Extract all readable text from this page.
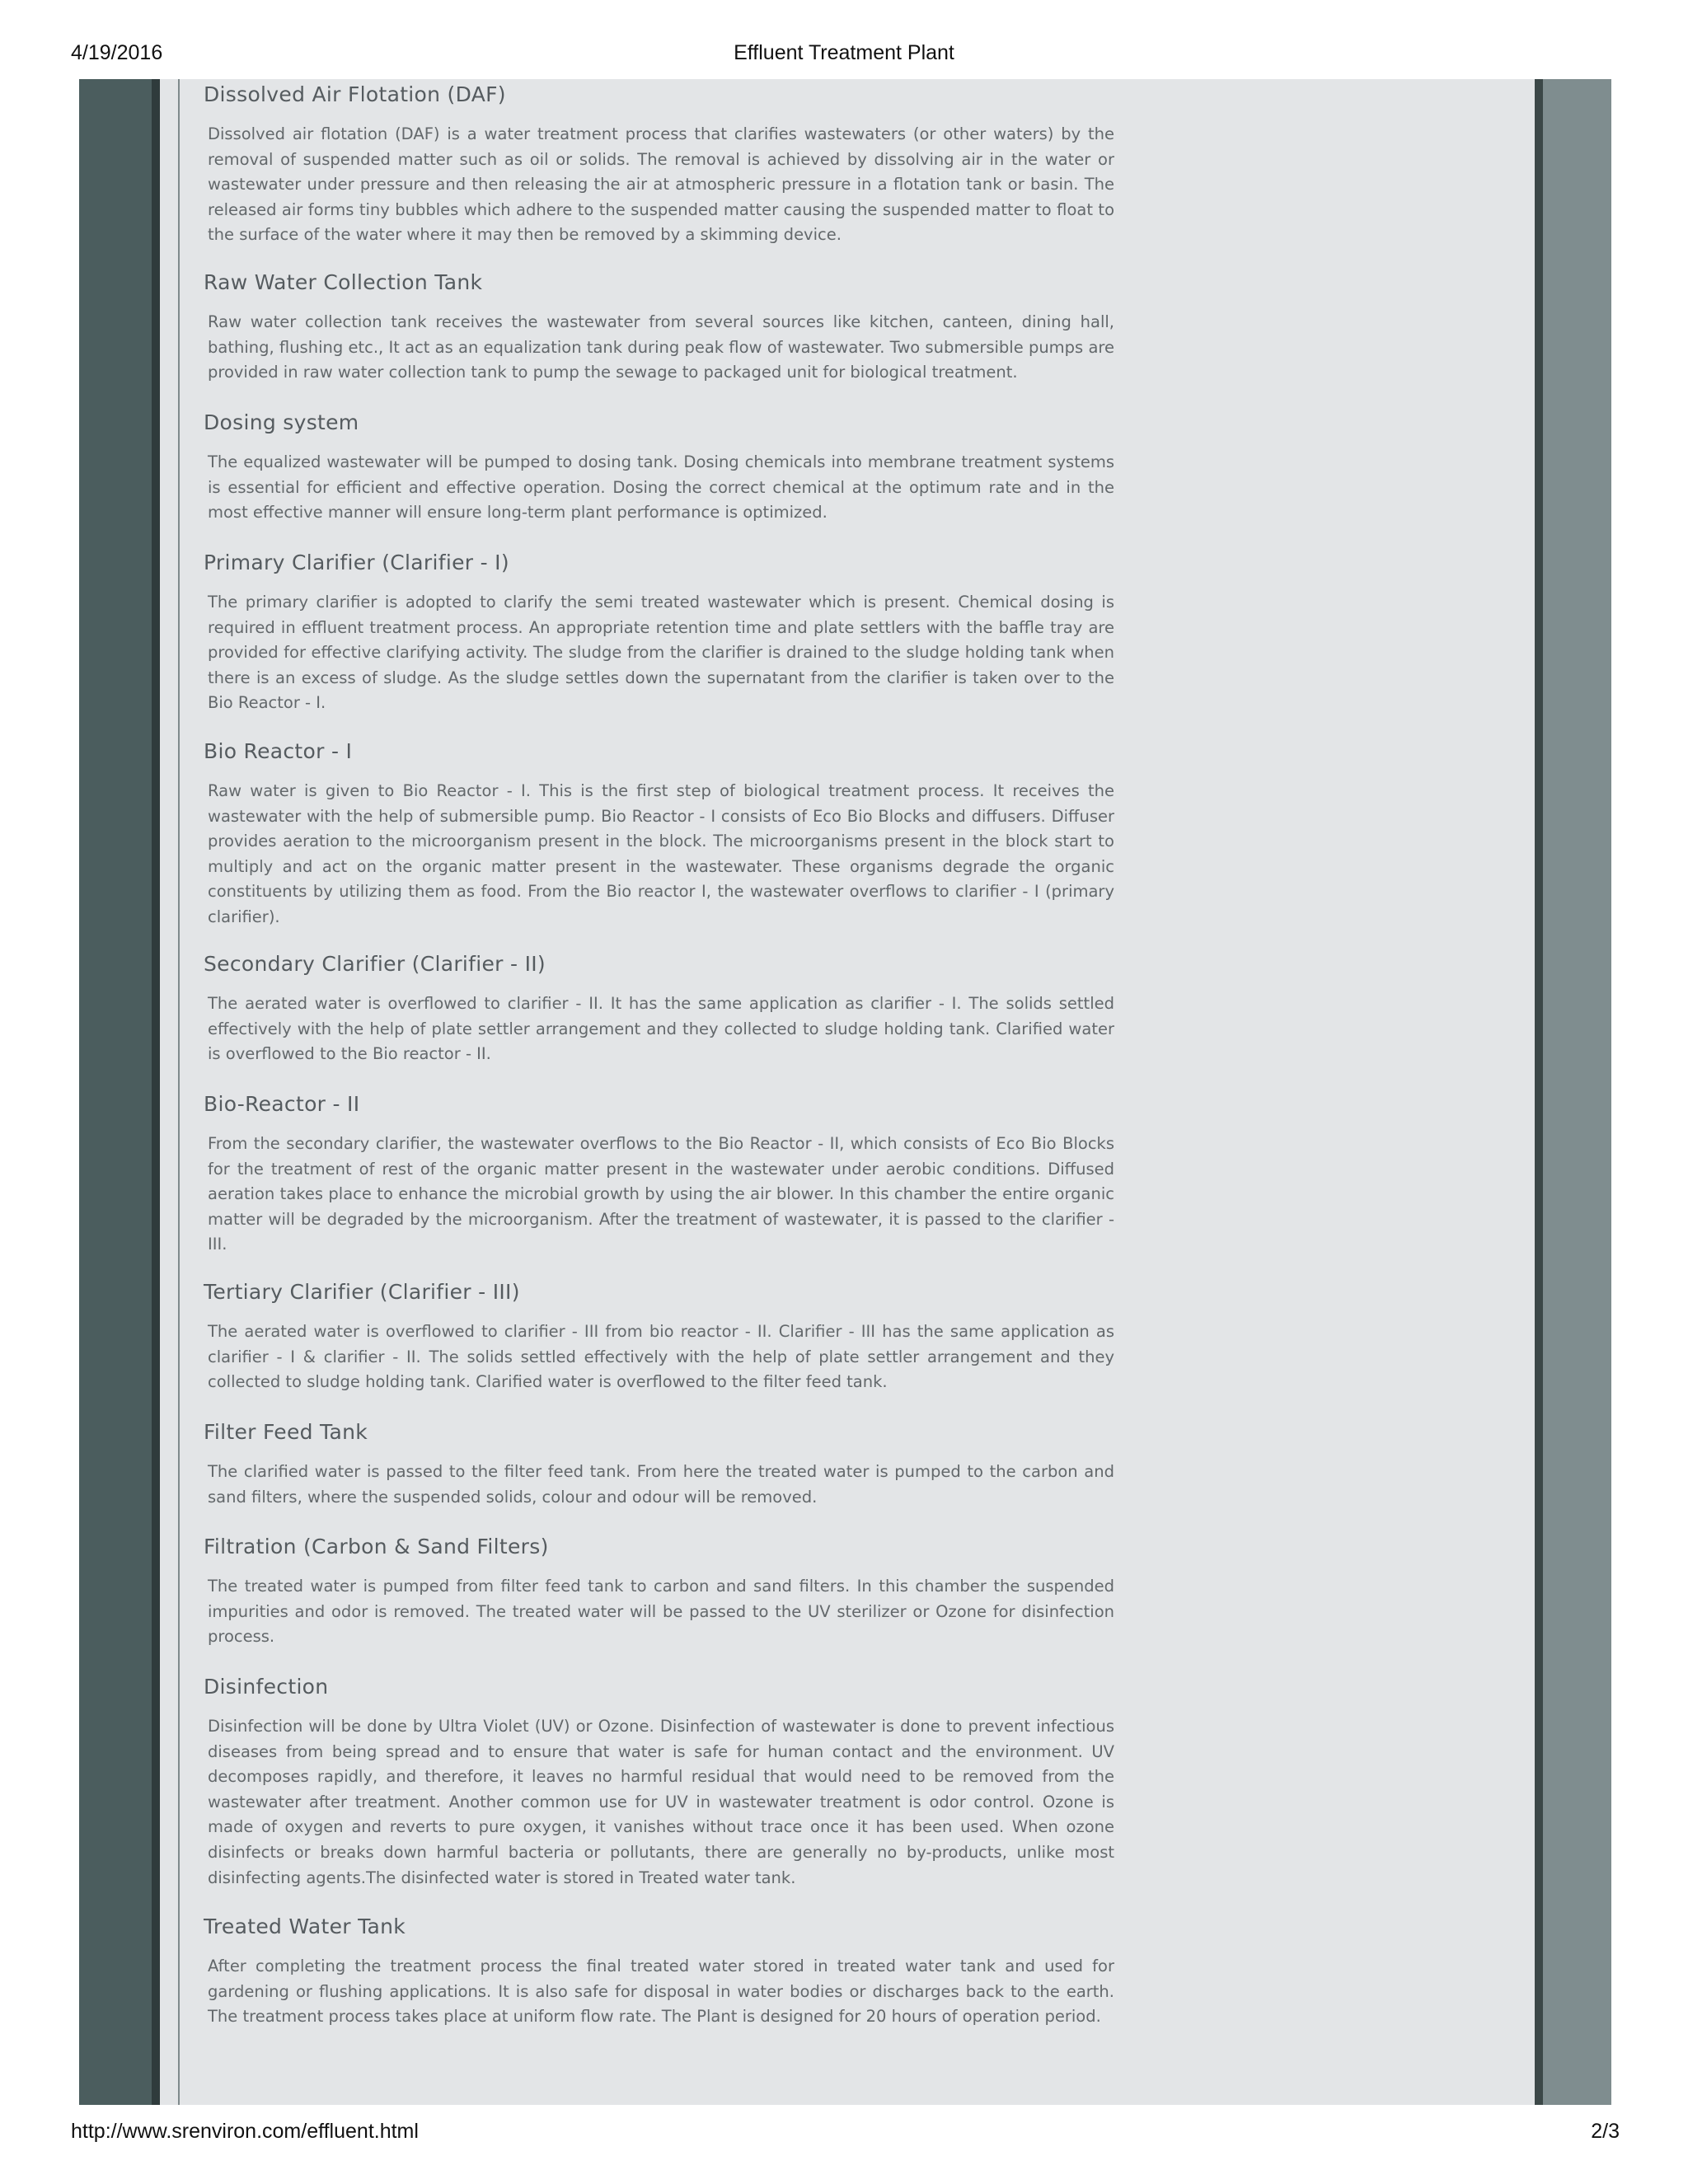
4/19/2016	Effluent Treatment Plant
Dissolved Air Flotation (DAF)

Dissolved air flotation (DAF) is a water treatment process that clarifies wastewaters (or other waters) by the removal of suspended matter such as oil or solids. The removal is achieved by dissolving air in the water or wastewater under pressure and then releasing the air at atmospheric pressure in a flotation tank or basin. The released air forms tiny bubbles which adhere to the suspended matter causing the suspended matter to float to the surface of the water where it may then be removed by a skimming device.

Raw Water Collection Tank

Raw water collection tank receives the wastewater from several sources like kitchen, canteen, dining hall, bathing, flushing etc., It act as an equalization tank during peak flow of wastewater. Two submersible pumps are provided in raw water collection tank to pump the sewage to packaged unit for biological treatment.

Dosing system

The equalized wastewater will be pumped to dosing tank. Dosing chemicals into membrane treatment systems is essential for efficient and effective operation. Dosing the correct chemical at the optimum rate and in the most effective manner will ensure long-term plant performance is optimized.

Primary Clarifier (Clarifier - I)

The primary clarifier is adopted to clarify the semi treated wastewater which is present. Chemical dosing is required in effluent treatment process. An appropriate retention time and plate settlers with the baffle tray are provided for effective clarifying activity. The sludge from the clarifier is drained to the sludge holding tank when there is an excess of sludge. As the sludge settles down the supernatant from the clarifier is taken over to the Bio Reactor - I.

Bio Reactor - I

Raw water is given to Bio Reactor - I. This is the first step of biological treatment process. It receives the wastewater with the help of submersible pump. Bio Reactor - I consists of Eco Bio Blocks and diffusers. Diffuser provides aeration to the microorganism present in the block. The microorganisms present in the block start to multiply and act on the organic matter present in the wastewater. These organisms degrade the organic constituents by utilizing them as food. From the Bio reactor I, the wastewater overflows to clarifier - I (primary clarifier).

Secondary Clarifier (Clarifier - II)

The aerated water is overflowed to clarifier - II. It has the same application as clarifier - I. The solids settled effectively with the help of plate settler arrangement and they collected to sludge holding tank. Clarified water is overflowed to the Bio reactor - II.

Bio-Reactor - II

From the secondary clarifier, the wastewater overflows to the Bio Reactor - II, which consists of Eco Bio Blocks for the treatment of rest of the organic matter present in the wastewater under aerobic conditions. Diffused aeration takes place to enhance the microbial growth by using the air blower. In this chamber the entire organic matter will be degraded by the microorganism. After the treatment of wastewater, it is passed to the clarifier - III.

Tertiary Clarifier (Clarifier - III)

The aerated water is overflowed to clarifier - III from bio reactor - II. Clarifier - III has the same application as clarifier - I & clarifier - II. The solids settled effectively with the help of plate settler arrangement and they collected to sludge holding tank. Clarified water is overflowed to the filter feed tank.

Filter Feed Tank

The clarified water is passed to the filter feed tank. From here the treated water is pumped to the carbon and sand filters, where the suspended solids, colour and odour will be removed.

Filtration (Carbon & Sand Filters)

The treated water is pumped from filter feed tank to carbon and sand filters. In this chamber the suspended impurities and odor is removed. The treated water will be passed to the UV sterilizer or Ozone for disinfection process.

Disinfection

Disinfection will be done by Ultra Violet (UV) or Ozone. Disinfection of wastewater is done to prevent infectious diseases from being spread and to ensure that water is safe for human contact and the environment. UV decomposes rapidly, and therefore, it leaves no harmful residual that would need to be removed from the wastewater after treatment. Another common use for UV in wastewater treatment is odor control. Ozone is made of oxygen and reverts to pure oxygen, it vanishes without trace once it has been used. When ozone disinfects or breaks down harmful bacteria or pollutants, there are generally no by-products, unlike most disinfecting agents.The disinfected water is stored in Treated water tank.

Treated Water Tank

After completing the treatment process the final treated water stored in treated water tank and used for gardening or flushing applications. It is also safe for disposal in water bodies or discharges back to the earth. The treatment process takes place at uniform flow rate. The Plant is designed for 20 hours of operation period.

http://www.srenviron.com/effluent.html	2/3
